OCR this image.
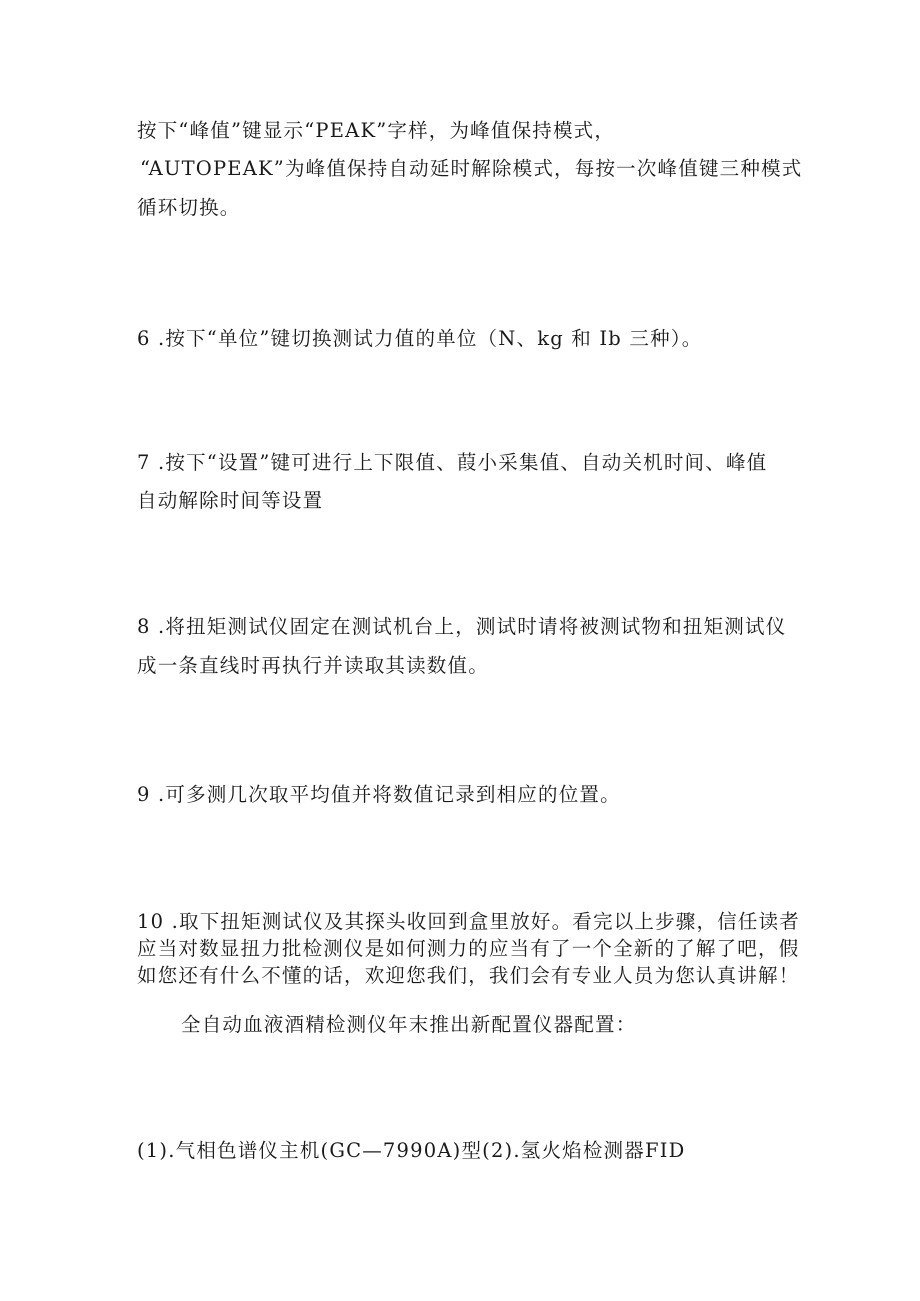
按下“峰值”键显示“PEAK”字样，为峰值保持模式，
“AUTOPEAK”为峰值保持自动延时解除模式，每按一次峰值键三种模式
循环切换。
6 .按下“单位”键切换测试力值的单位（N、kg 和 Ib 三种）。
7 .按下“设置”键可进行上下限值、葭小采集值、自动关机时间、峰值
自动解除时间等设置
8 .将扭矩测试仪固定在测试机台上，测试时请将被测试物和扭矩测试仪
成一条直线时再执行并读取其读数值。
9 .可多测几次取平均值并将数值记录到相应的位置。
10 .取下扭矩测试仪及其探头收回到盒里放好。看完以上步骤，信任读者
应当对数显扭力批检测仪是如何测力的应当有了一个全新的了解了吧，假
如您还有什么不懂的话，欢迎您我们，我们会有专业人员为您认真讲解！
全自动血液酒精检测仪年末推出新配置仪器配置：
(1).气相色谱仪主机(GC—7990A)型(2).氢火焰检测器FID
